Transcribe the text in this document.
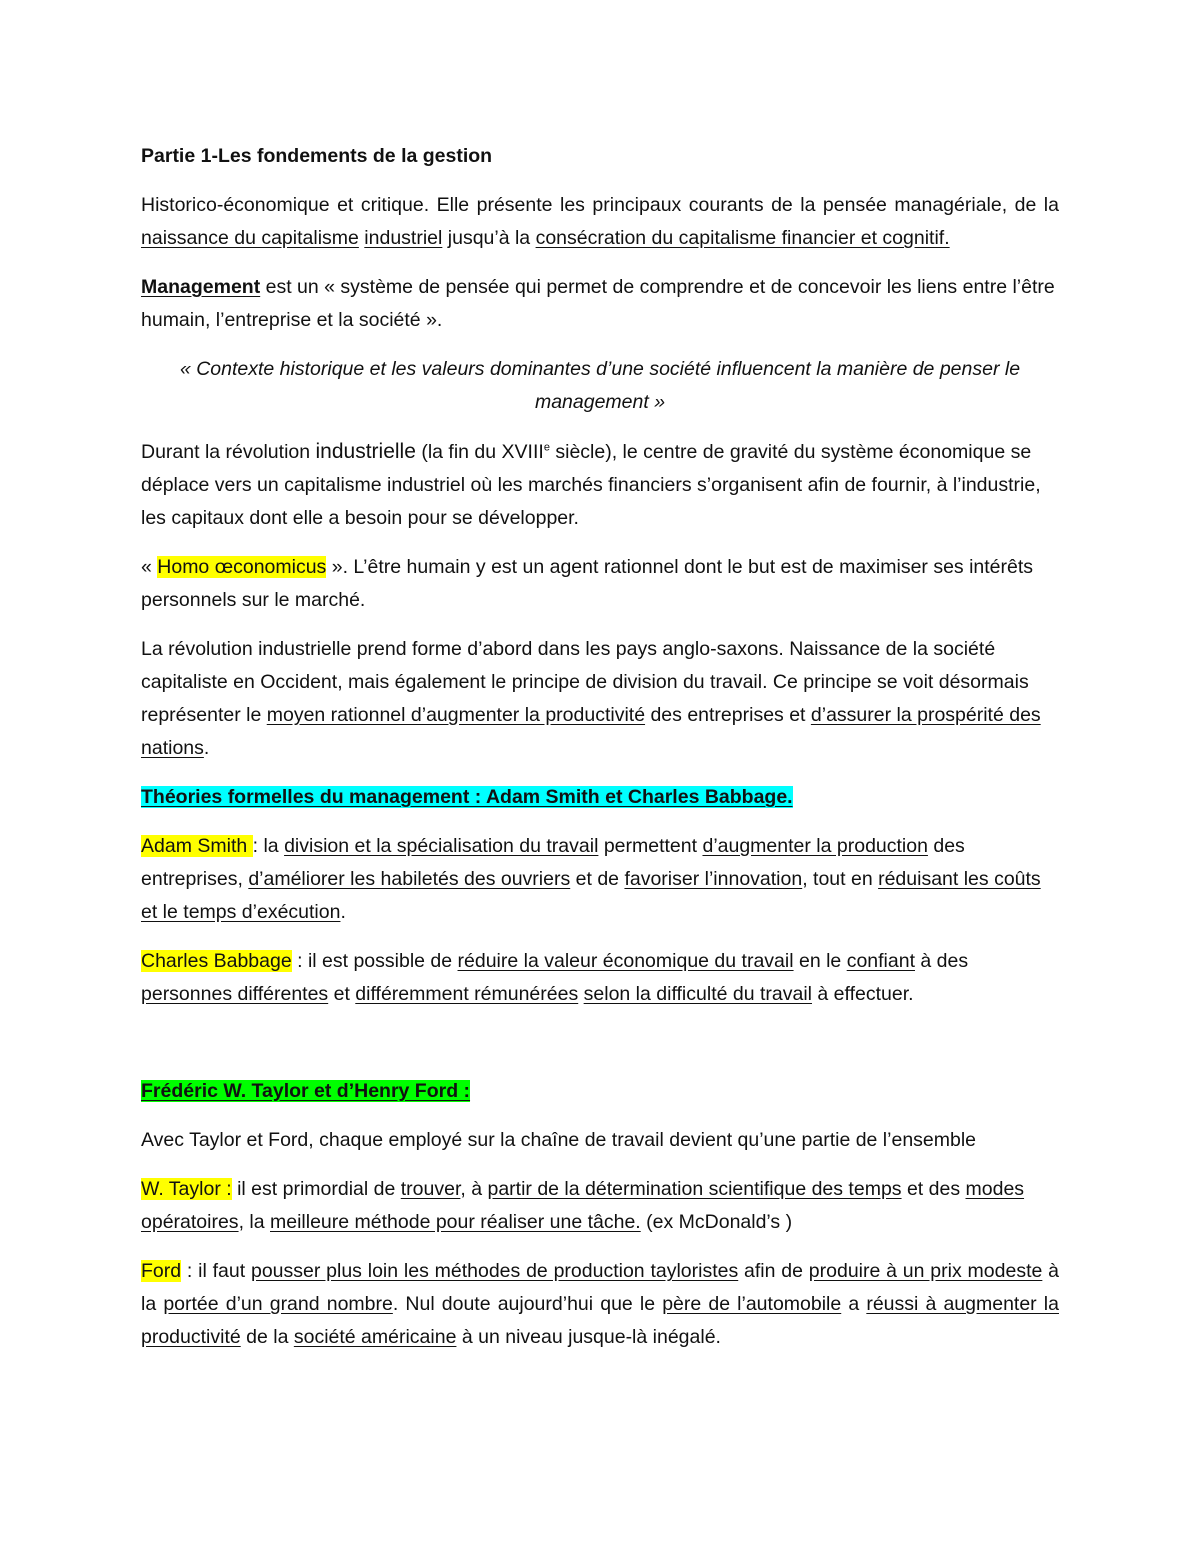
Partie 1-Les fondements de la gestion

Historico-économique et critique. Elle présente les principaux courants de la pensée managériale, de la naissance du capitalisme industriel jusqu’à la consécration du capitalisme financier et cognitif.

Management est un « système de pensée qui permet de comprendre et de concevoir les liens entre l’être humain, l’entreprise et la société ».

« Contexte historique et les valeurs dominantes d’une société influencent la manière de penser le management »

Durant la révolution industrielle (la fin du XVIIIe siècle), le centre de gravité du système économique se déplace vers un capitalisme industriel où les marchés financiers s’organisent afin de fournir, à l’industrie, les capitaux dont elle a besoin pour se développer.

« Homo œconomicus ». L’être humain y est un agent rationnel dont le but est de maximiser ses intérêts personnels sur le marché.

La révolution industrielle prend forme d’abord dans les pays anglo-saxons. Naissance de la société capitaliste en Occident, mais également le principe de division du travail. Ce principe se voit désormais représenter le moyen rationnel d’augmenter la productivité des entreprises et d’assurer la prospérité des nations.

Théories formelles du management : Adam Smith et Charles Babbage.

Adam Smith : la division et la spécialisation du travail permettent d’augmenter la production des entreprises, d’améliorer les habiletés des ouvriers et de favoriser l’innovation, tout en réduisant les coûts et le temps d’exécution.

Charles Babbage : il est possible de réduire la valeur économique du travail en le confiant à des personnes différentes et différemment rémunérées selon la difficulté du travail à effectuer.

Frédéric W. Taylor et d’Henry Ford :

Avec Taylor et Ford, chaque employé sur la chaîne de travail devient qu’une partie de l’ensemble

W. Taylor : il est primordial de trouver, à partir de la détermination scientifique des temps et des modes opératoires, la meilleure méthode pour réaliser une tâche. (ex McDonald’s )

Ford : il faut pousser plus loin les méthodes de production tayloristes afin de produire à un prix modeste à la portée d’un grand nombre. Nul doute aujourd’hui que le père de l’automobile a réussi à augmenter la productivité de la société américaine à un niveau jusque-là inégalé.
